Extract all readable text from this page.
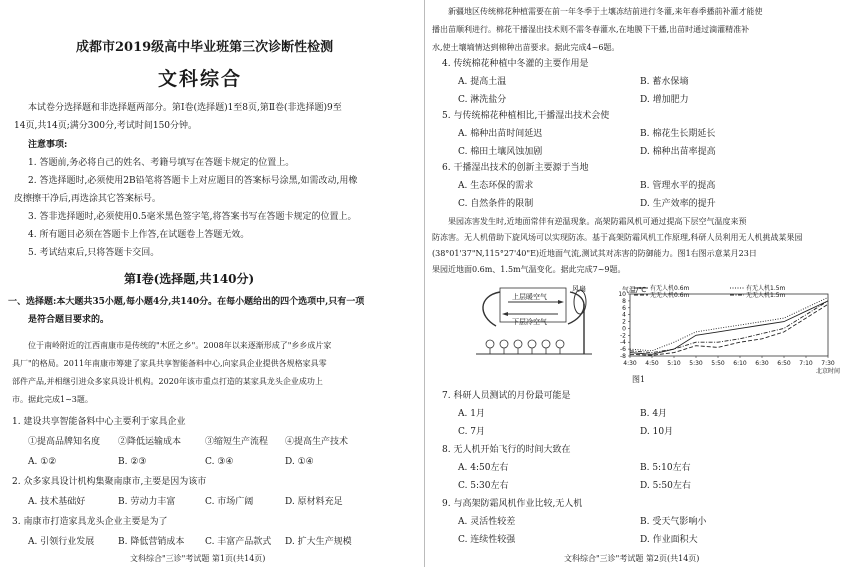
成都市2019级高中毕业班第三次诊断性检测
文科综合
本试卷分选择题和非选择题两部分。第Ⅰ卷(选择题)1至8页,第Ⅱ卷(非选择题)9至
14页,共14页;满分300分,考试时间150分钟。
注意事项:
1. 答题前,务必将自己的姓名、考籍号填写在答题卡规定的位置上。
2. 答选择题时,必须使用2B铅笔将答题卡上对应题目的答案标号涂黑,如需改动,用橡
皮擦擦干净后,再选涂其它答案标号。
3. 答非选择题时,必须使用0.5毫米黑色签字笔,将答案书写在答题卡规定的位置上。
4. 所有题目必须在答题卡上作答,在试题卷上答题无效。
5. 考试结束后,只将答题卡交回。
第Ⅰ卷(选择题,共140分)
一、选择题:本大题共35小题,每小题4分,共140分。在每小题给出的四个选项中,只有一项
是符合题目要求的。
位于南岭附近的江西南康市是传统的"木匠之乡"。2008年以来逐渐形成了"乡乡成片家
具厂"的格局。2011年南康市筹建了家具共享智能备料中心,向家具企业提供各规格家具零
部件产品,并相继引进众多家具设计机构。2020年该市重点打造的某家具龙头企业成功上
市。据此完成1~3题。
1. 建设共享智能备料中心主要利于家具企业
①提高品牌知名度 ②降低运输成本	③缩短生产流程 ④提高生产技术
A. ①②	B. ②③	C. ③④	D. ①④
2. 众多家具设计机构集聚南康市,主要是因为该市
A. 技术基础好	B. 劳动力丰富	C. 市场广阔	D. 原材料充足
3. 南康市打造家具龙头企业主要是为了
A. 引领行业发展	B. 降低营销成本 C. 丰富产品款式 D. 扩大生产规模
文科综合"三诊"考试题 第1页(共14页)
新疆地区传统棉花种植需要在前一年冬季于土壤冻结前进行冬灌,来年春季播前补灌才能使
播出苗顺利进行。棉花干播湿出技术则不需冬春灌水,在地膜下干播,出苗时通过滴灌精准补
水,使土壤墒情达到棉种出苗要求。据此完成4~6题。
4. 传统棉花种植中冬灌的主要作用是
A. 提高土温	B. 蓄水保墒
C. 淋洗盐分	D. 增加肥力
5. 与传统棉花种植相比,干播湿出技术会使
A. 棉种出苗时间延迟	B. 棉花生长期延长
C. 棉田土壤风蚀加剧	D. 棉种出苗率提高
6. 干播湿出技术的创新主要源于当地
A. 生态环保的需求	B. 管理水平的提高
C. 自然条件的限制	D. 生产效率的提升
果园冻害发生时,近地面常伴有逆温现象。高架防霜风机可通过提高下层空气温度来预
防冻害。无人机借助下旋风场可以实现防冻。基于高架防霜风机工作原理,科研人员利用无人机挑战某果园
(38°01'37"N,115°27'40"E)近地面气流,测试其对冻害的防御能力。图1右图示意某月23日
果园近地面0.6m、1.5m气温变化。据此完成7~9题。
上层暖空气
下层冷空气
风扇	气温/℃
10
8
6
4
2
0
-2
-4
-6
-8
4:30 4:50 5:10 5:30 5:50 6:10 6:30 6:50 7:10 7:30
北京时间
有无人机0.6m	有无人机1.5m
无无人机0.6m	无无人机1.5m
图1
7. 科研人员测试的月份最可能是
A. 1月	B. 4月
C. 7月	D. 10月
8. 无人机开始飞行的时间大致在
A. 4:50左右	B. 5:10左右
C. 5:30左右	D. 5:50左右
9. 与高架防霜风机作业比较,无人机
A. 灵活性较差	B. 受天气影响小
C. 连续性较强	D. 作业面积大
文科综合"三诊"考试题 第2页(共14页)
